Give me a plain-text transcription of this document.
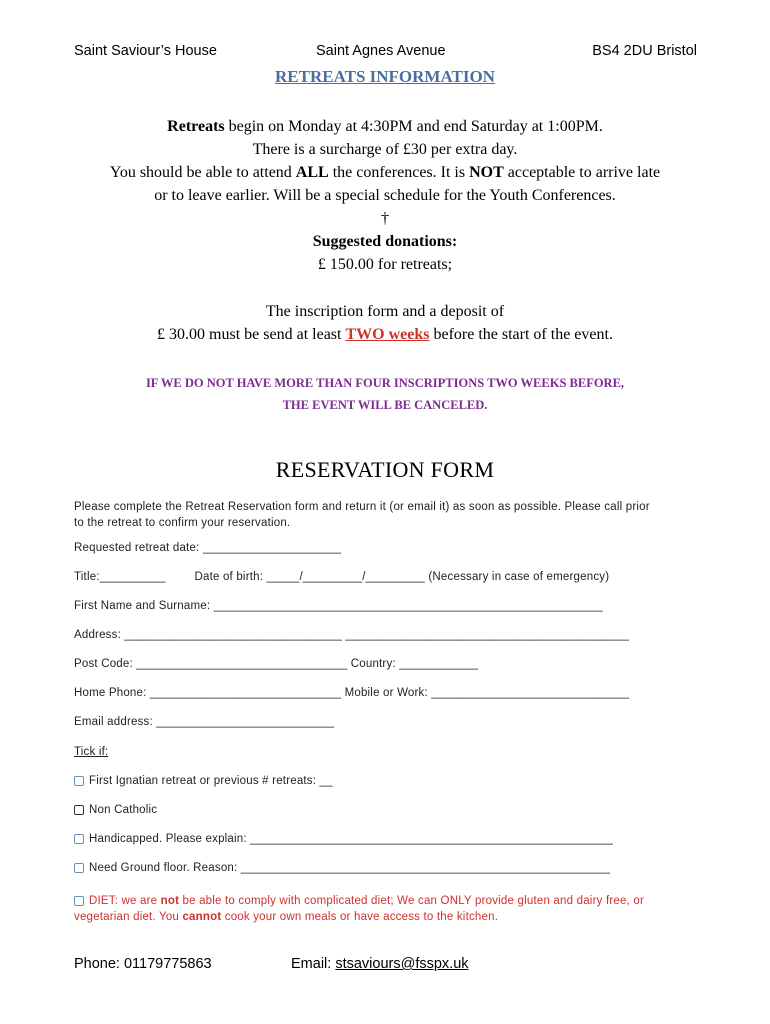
Saint Saviour’s House	Saint Agnes Avenue	BS4 2DU Bristol
RETREATS INFORMATION
Retreats begin on Monday at 4:30PM and end Saturday at 1:00PM.
There is a surcharge of £30 per extra day.
You should be able to attend ALL the conferences. It is NOT acceptable to arrive late
or to leave earlier. Will be a special schedule for the Youth Conferences.
†
Suggested donations:
£ 150.00 for retreats;
The inscription form and a deposit of
£ 30.00 must be send at least TWO weeks before the start of the event.
IF WE DO NOT HAVE MORE THAN FOUR INSCRIPTIONS TWO WEEKS BEFORE,
THE EVENT WILL BE CANCELED.
RESERVATION FORM
Please complete the Retreat Reservation form and return it (or email it) as soon as possible. Please call prior
to the retreat to confirm your reservation.
Requested retreat date: _____________________
Title:__________	Date of birth: _____/_________/_________ (Necessary in case of emergency)
First Name and Surname: ___________________________________________________________
Address: _________________________________ ___________________________________________
Post Code: ________________________________ Country: ____________
Home Phone: _____________________________ Mobile or Work: ______________________________
Email address: ___________________________
Tick if:
First Ignatian retreat or previous # retreats: __
Non Catholic
Handicapped. Please explain: _______________________________________________________
Need Ground floor. Reason: ________________________________________________________
DIET: we are not be able to comply with complicated diet; We can ONLY provide gluten and dairy free, or
vegetarian diet. You cannot cook your own meals or have access to the kitchen.
Phone: 01179775863	Email: stsaviours@fsspx.uk
